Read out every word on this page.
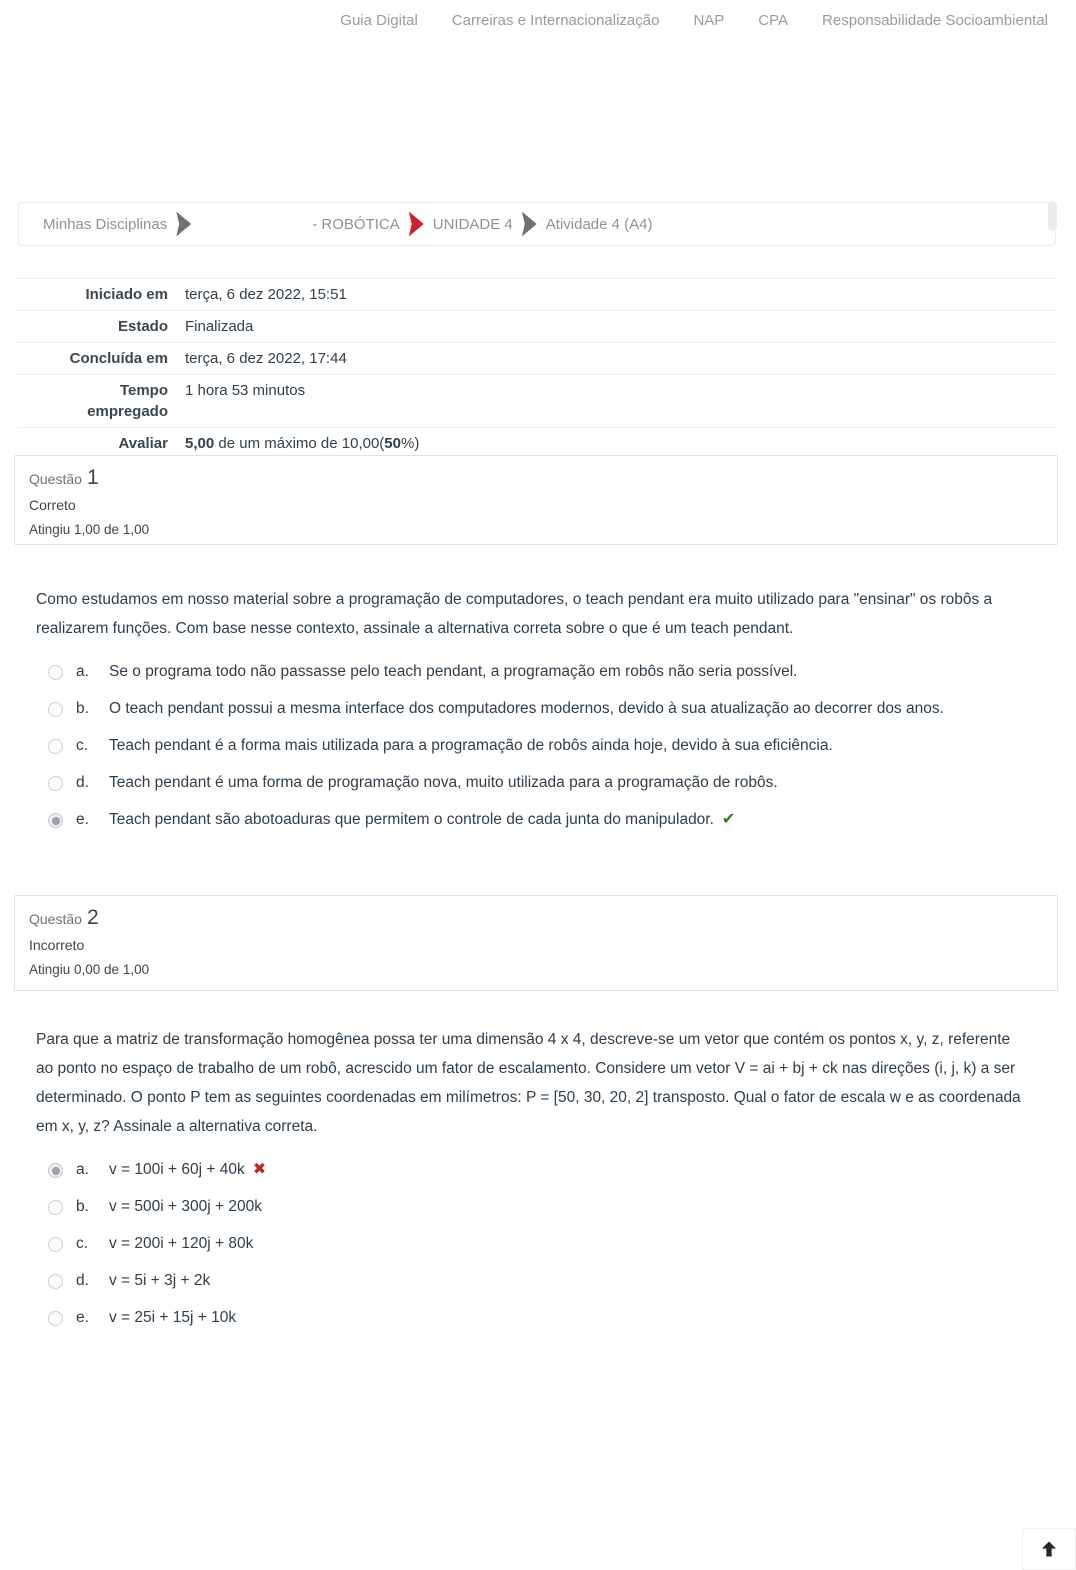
Guia Digital Carreiras e Internacionalização NAP CPA Responsabilidade Socioambiental
Minhas Disciplinas	- ROBÓTICA UNIDADE 4 Atividade 4 (A4)
Iniciado em terça, 6 dez 2022, 15:51
Estado Finalizada
Concluída em terça, 6 dez 2022, 17:44
Tempo empregado
1 hora 53 minutos
Avaliar 5,00 de um máximo de 10,00(50%)
Questão 1
Correto
Atingiu 1,00 de 1,00
Como estudamos em nosso material sobre a programação de computadores, o teach pendant era muito utilizado para "ensinar" os robôs a realizarem funções. Com base nesse contexto, assinale a alternativa correta sobre o que é um teach pendant.
a.	Se o programa todo não passasse pelo teach pendant, a programação em robôs não seria possível.
b.	O teach pendant possui a mesma interface dos computadores modernos, devido à sua atualização ao decorrer dos anos.
c.	Teach pendant é a forma mais utilizada para a programação de robôs ainda hoje, devido à sua eficiência.
d.	Teach pendant é uma forma de programação nova, muito utilizada para a programação de robôs.
e.	Teach pendant são abotoaduras que permitem o controle de cada junta do manipulador. ✔
Questão 2
Incorreto
Atingiu 0,00 de 1,00
Para que a matriz de transformação homogênea possa ter uma dimensão 4 x 4, descreve-se um vetor que contém os pontos x, y, z, referente ao ponto no espaço de trabalho de um robô, acrescido um fator de escalamento. Considere um vetor V = ai + bj + ck nas direções (i, j, k) a ser determinado. O ponto P tem as seguintes coordenadas em milímetros: P = [50, 30, 20, 2] transposto. Qual o fator de escala w e as coordenada em x, y, z? Assinale a alternativa correta.
a.	v = 100i + 60j + 40k ✖
b.	v = 500i + 300j + 200k
c.	v = 200i + 120j + 80k
d.	v = 5i + 3j + 2k
e.	v = 25i + 15j + 10k
